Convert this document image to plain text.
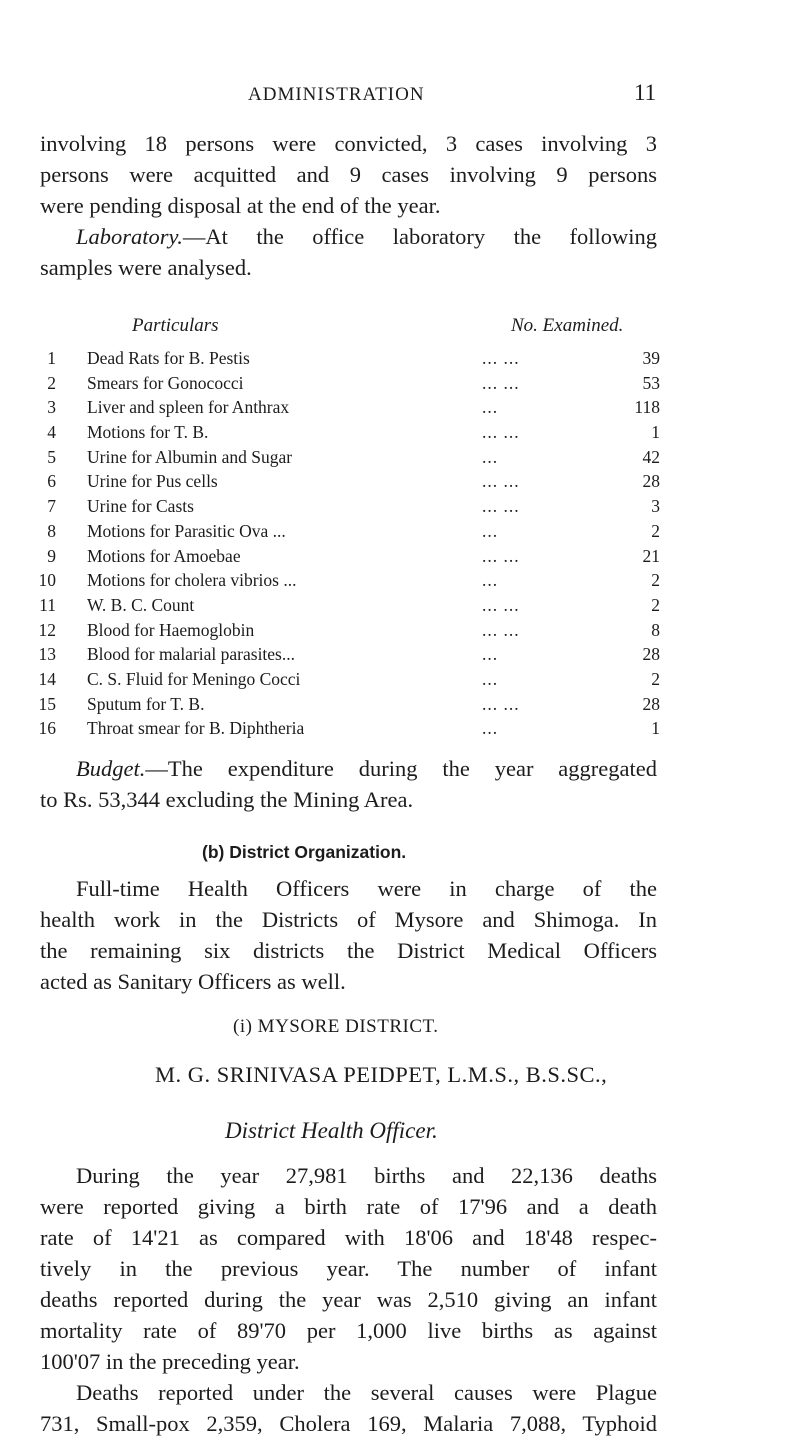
ADMINISTRATION	11
involving 18 persons were convicted, 3 cases involving 3
persons were acquitted and 9 cases involving 9 persons
were pending disposal at the end of the year.
Laboratory.—At the office laboratory the following
samples were analysed.
Particulars	No. Examined.
1 Dead Rats for B. Pestis	... ...	39
2 Smears for Gonococci	... ...	53
3 Liver and spleen for Anthrax	...	118
4 Motions for T. B.	... ...	1
5 Urine for Albumin and Sugar	...	42
6 Urine for Pus cells	... ...	28
7 Urine for Casts	... ...	3
8 Motions for Parasitic Ova ...	...	2
9 Motions for Amoebae	... ...	21
10 Motions for cholera vibrios ...	...	2
11 W. B. C. Count	... ...	2
12 Blood for Haemoglobin	... ...	8
13 Blood for malarial parasites...	...	28
14 C. S. Fluid for Meningo Cocci	...	2
15 Sputum for T. B.	... ...	28
16 Throat smear for B. Diphtheria	...	1
Budget.—The expenditure during the year aggregated
to Rs. 53,344 excluding the Mining Area.
(b) District Organization.
Full-time Health Officers were in charge of the
health work in the Districts of Mysore and Shimoga. In
the remaining six districts the District Medical Officers
acted as Sanitary Officers as well.
(i) MYSORE DISTRICT.
M. G. SRINIVASA PEIDPET, L.M.S., B.S.SC.,
District Health Officer.
During the year 27,981 births and 22,136 deaths
were reported giving a birth rate of 17'96 and a death
rate of 14'21 as compared with 18'06 and 18'48 respec-
tively in the previous year. The number of infant
deaths reported during the year was 2,510 giving an infant
mortality rate of 89'70 per 1,000 live births as against
100'07 in the preceding year.
Deaths reported under the several causes were Plague
731, Small-pox 2,359, Cholera 169, Malaria 7,088, Typhoid
